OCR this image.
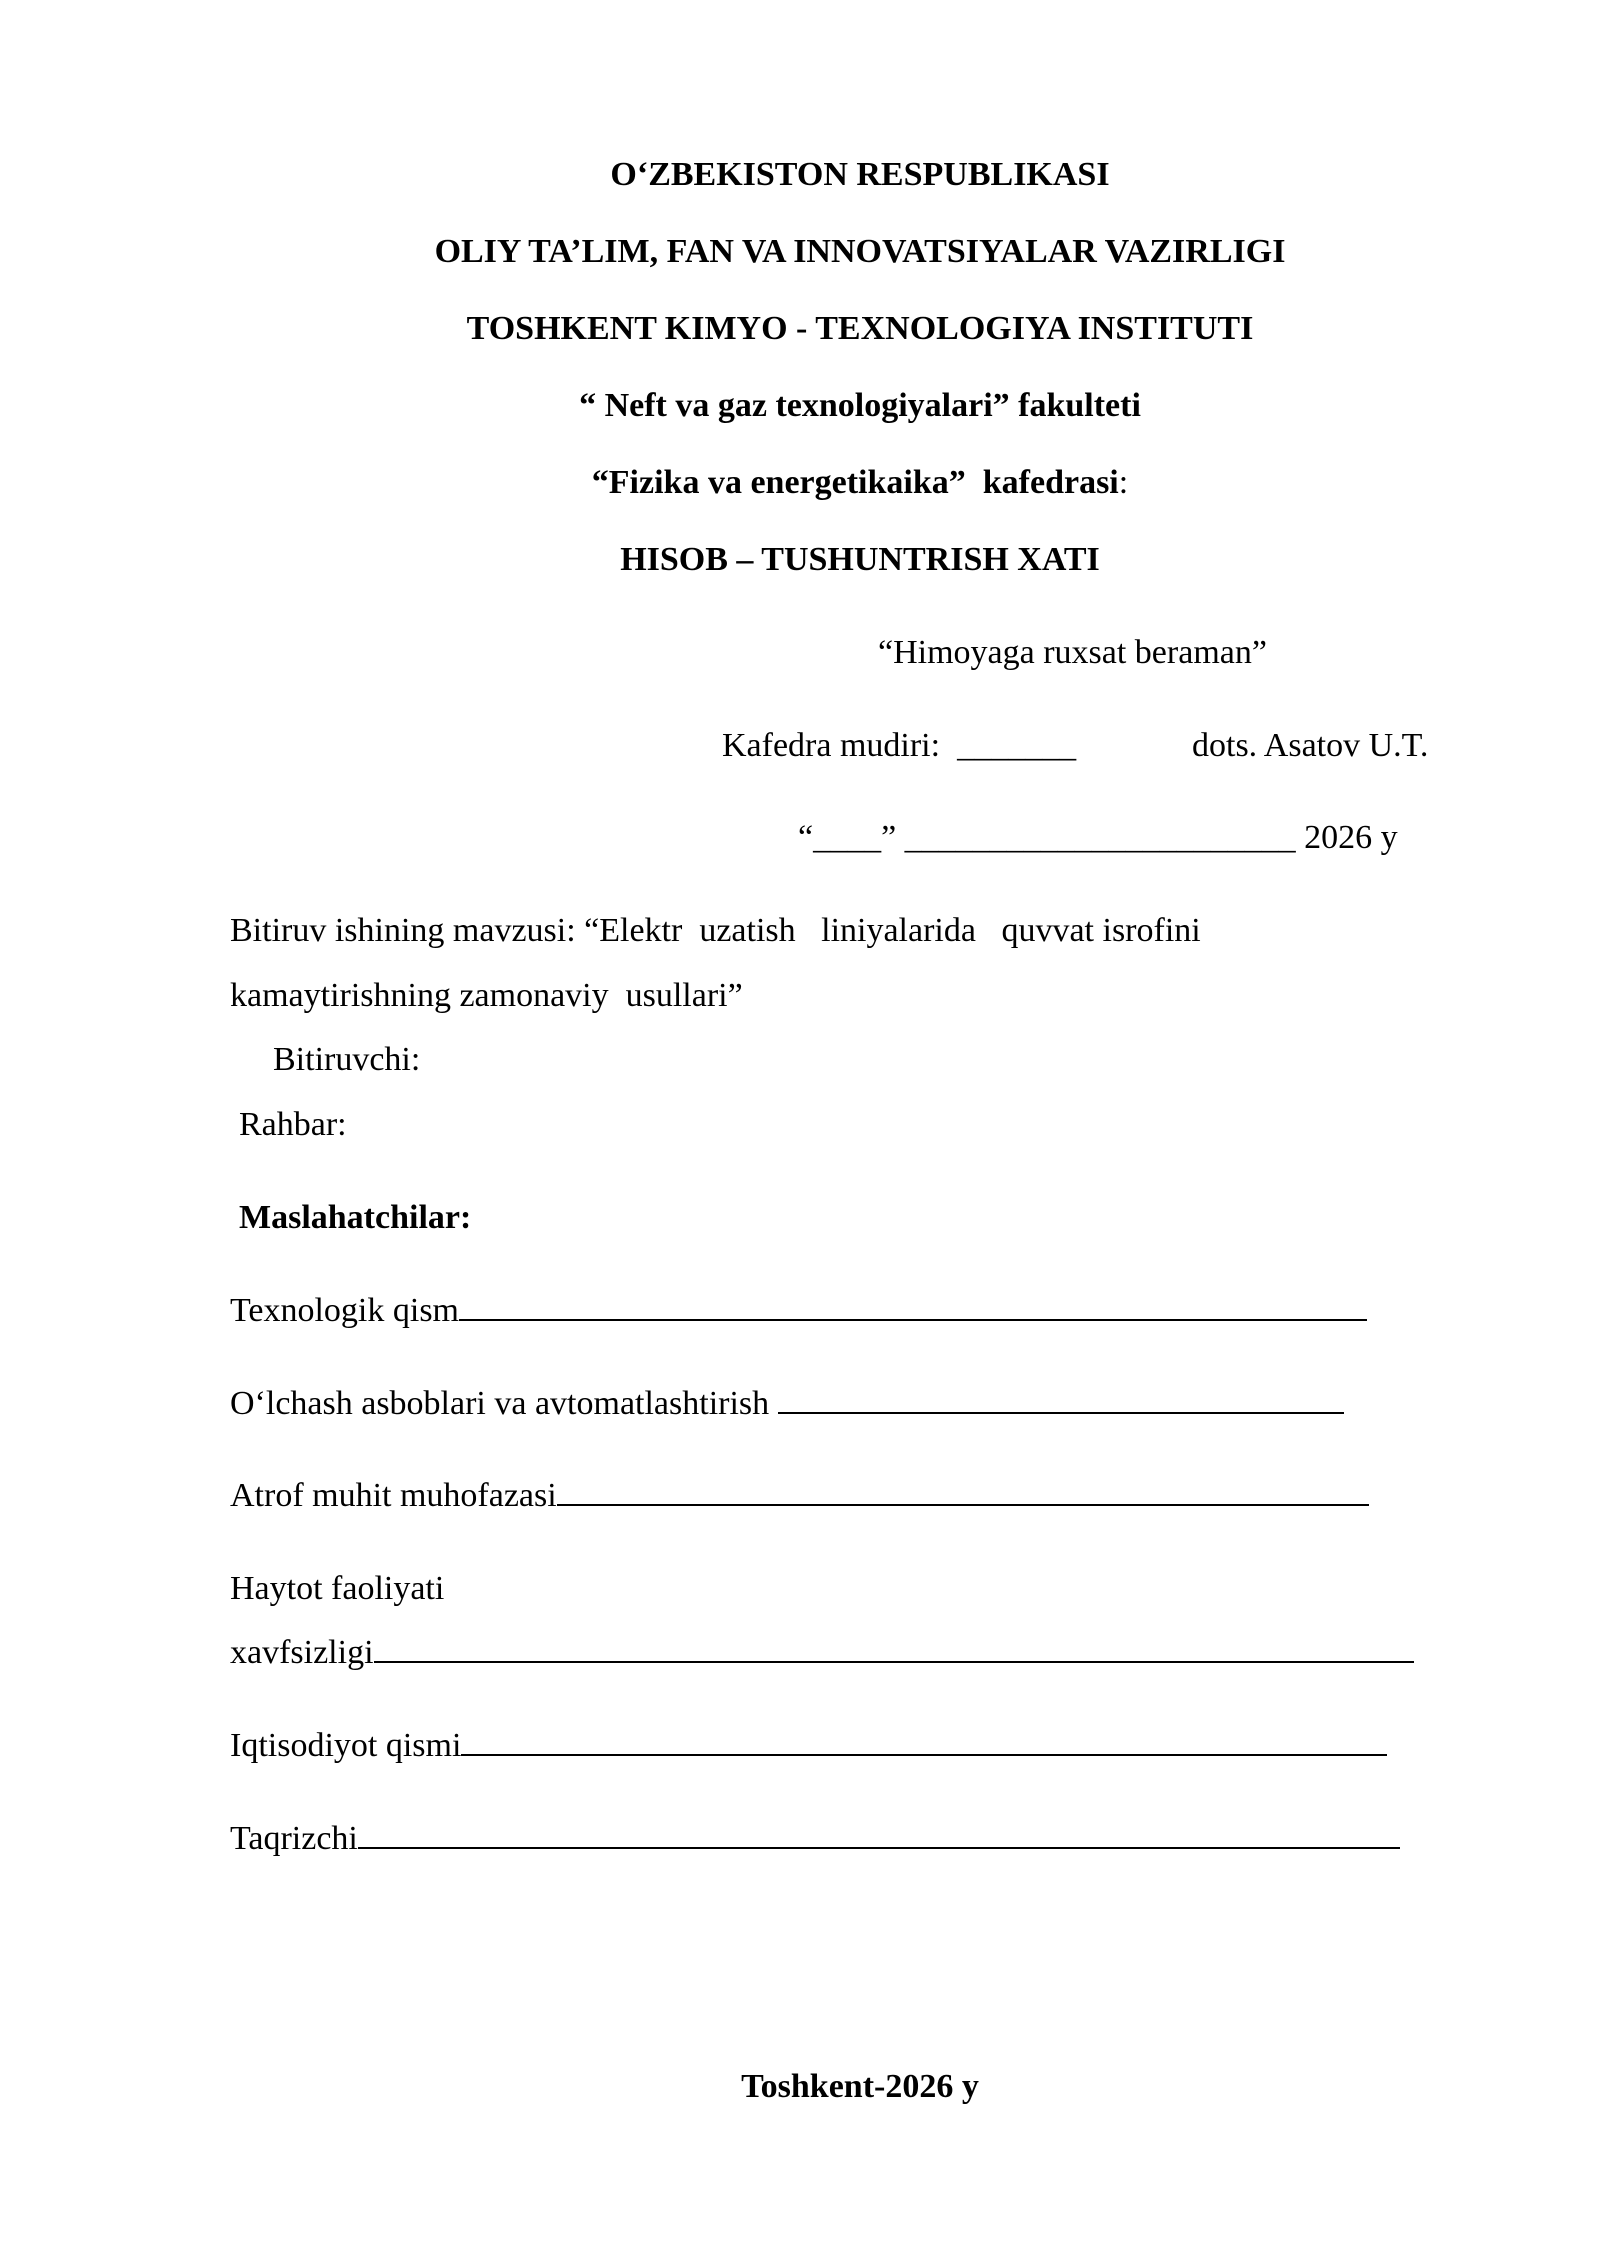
O‘ZBEKISTON RESPUBLIKASI
OLIY TA’LIM, FAN VA INNOVATSIYALAR VAZIRLIGI
TOSHKENT KIMYO - TEXNOLOGIYA INSTITUTI
“ Neft va gaz texnologiyalari” fakulteti
“Fizika va energetikaika”  kafedrasi:
HISOB – TUSHUNTRISH XATI
“Himoyaga ruxsat beraman”
Kafedra mudiri:  _______	dots. Asatov U.T.
“____” _______________________ 2026 y
Bitiruv ishining mavzusi: “Elektr  uzatish   liniyalarida   quvvat isrofini
kamaytirishning zamonaviy  usullari”
Bitiruvchi:
Rahbar:
Maslahatchilar:
Texnologik qism
O‘lchash asboblari va avtomatlashtirish
Atrof muhit muhofazasi
Haytot faoliyati
xavfsizligi
Iqtisodiyot qismi
Taqrizchi
Toshkent-2026 y
